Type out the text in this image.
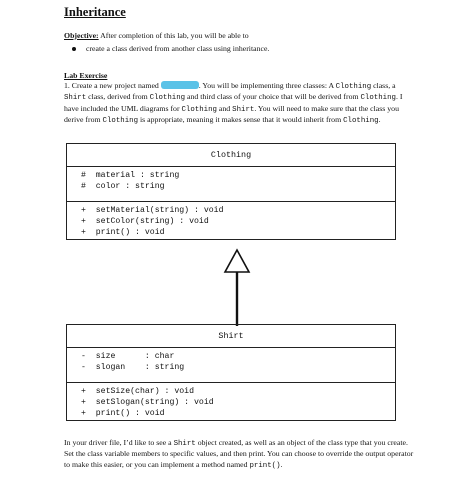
Inheritance
Objective: After completion of this lab, you will be able to
create a class derived from another class using inheritance.
Lab Exercise
1. Create a new project named	. You will be implementing three classes: A Clothing class, a Shirt class, derived from Clothing and third class of your choice that will be derived from Clothing. I have included the UML diagrams for Clothing and Shirt. You will need to make sure that the class you derive from Clothing is appropriate, meaning it makes sense that it would inherit from Clothing.
Clothing
#  material : string
#  color : string
+  setMaterial(string) : void
+  setColor(string) : void
+  print() : void
Shirt
-  size      : char
-  slogan    : string
+  setSize(char) : void
+  setSlogan(string) : void
+  print() : void
In your driver file, I’d like to see a Shirt object created, as well as an object of the class type that you create. Set the class variable members to specific values, and then print. You can choose to override the output operator to make this easier, or you can implement a method named print().
